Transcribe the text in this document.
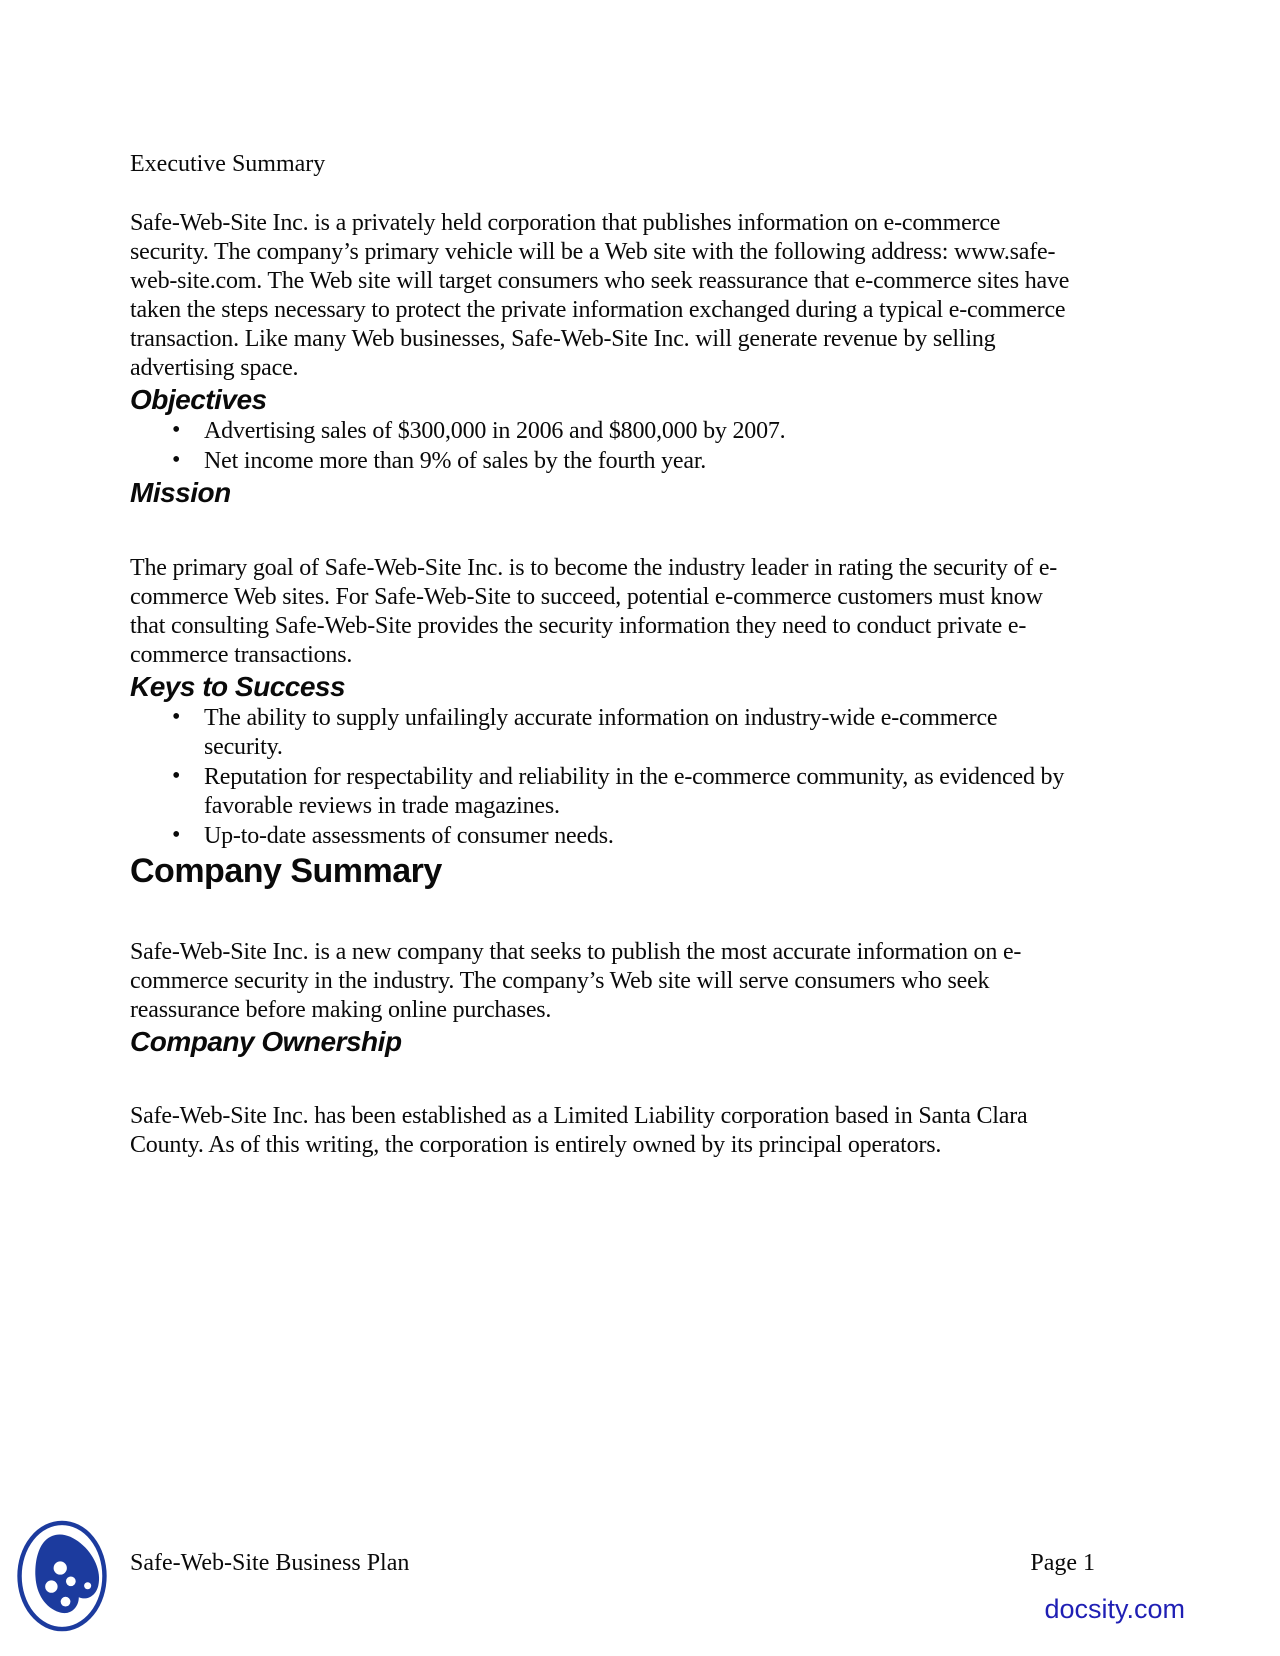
Executive Summary

Safe-Web-Site Inc. is a privately held corporation that publishes information on e-commerce security. The company’s primary vehicle will be a Web site with the following address: www.safe-web-site.com. The Web site will target consumers who seek reassurance that e-commerce sites have taken the steps necessary to protect the private information exchanged during a typical e-commerce transaction. Like many Web businesses, Safe-Web-Site Inc. will generate revenue by selling advertising space.

Objectives
• Advertising sales of $300,000 in 2006 and $800,000 by 2007.
• Net income more than 9% of sales by the fourth year.
Mission

The primary goal of Safe-Web-Site Inc. is to become the industry leader in rating the security of e-commerce Web sites. For Safe-Web-Site to succeed, potential e-commerce customers must know that consulting Safe-Web-Site provides the security information they need to conduct private e-commerce transactions.

Keys to Success
• The ability to supply unfailingly accurate information on industry-wide e-commerce security.
• Reputation for respectability and reliability in the e-commerce community, as evidenced by favorable reviews in trade magazines.
• Up-to-date assessments of consumer needs.
Company Summary

Safe-Web-Site Inc. is a new company that seeks to publish the most accurate information on e-commerce security in the industry. The company’s Web site will serve consumers who seek reassurance before making online purchases.

Company Ownership

Safe-Web-Site Inc. has been established as a Limited Liability corporation based in Santa Clara County. As of this writing, the corporation is entirely owned by its principal operators.

Safe-Web-Site Business Plan	Page 1
docsity.com
